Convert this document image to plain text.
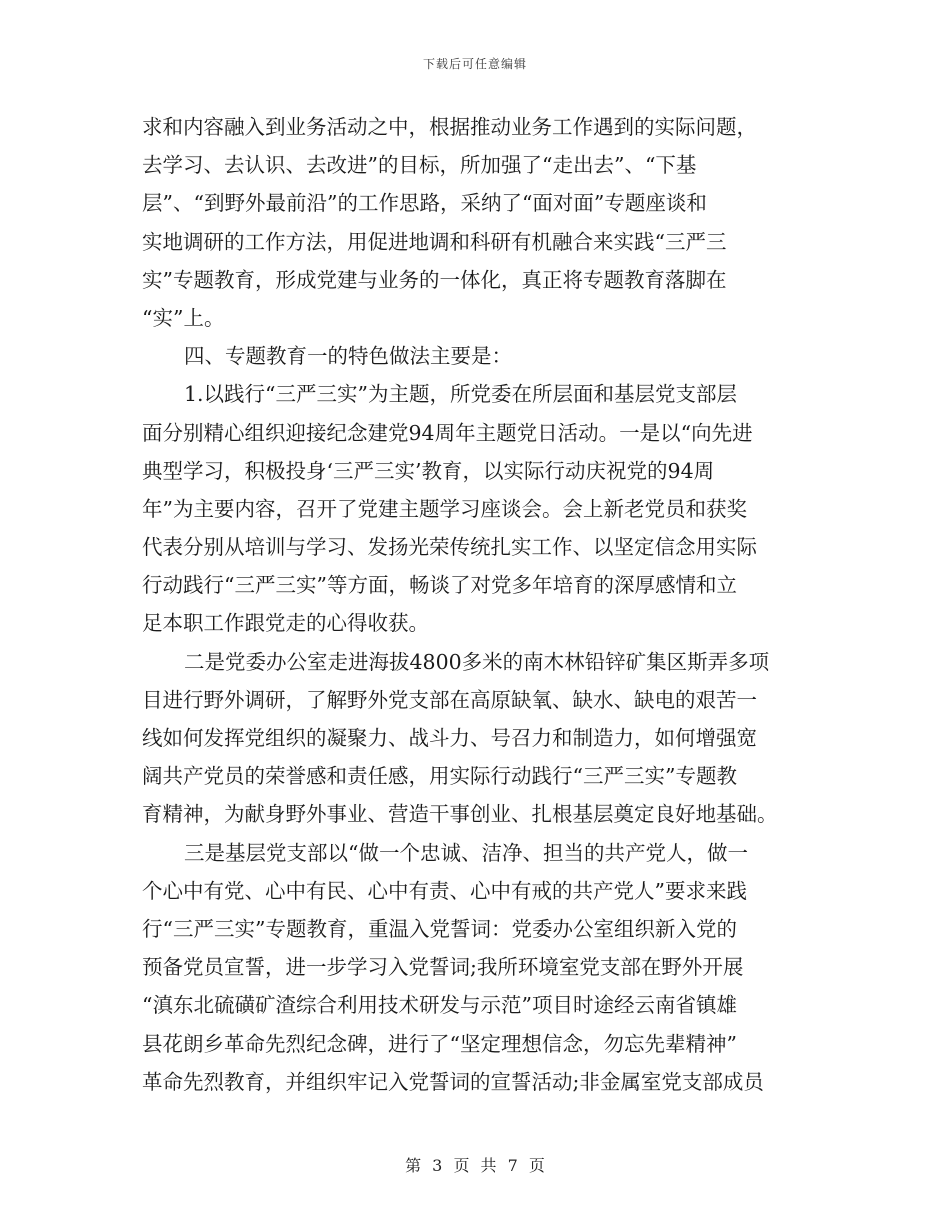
下载后可任意编辑
求和内容融入到业务活动之中，根据推动业务工作遇到的实际问题，
去学习、去认识、去改进”的目标，所加强了“走出去”、“下基
层”、“到野外最前沿”的工作思路，采纳了“面对面”专题座谈和
实地调研的工作方法，用促进地调和科研有机融合来实践“三严三
实”专题教育，形成党建与业务的一体化，真正将专题教育落脚在
“实”上。
四、专题教育一的特色做法主要是：
1.以践行“三严三实”为主题，所党委在所层面和基层党支部层
面分别精心组织迎接纪念建党94周年主题党日活动。一是以“向先进
典型学习，积极投身‘三严三实’教育，以实际行动庆祝党的94周
年”为主要内容，召开了党建主题学习座谈会。会上新老党员和获奖
代表分别从培训与学习、发扬光荣传统扎实工作、以坚定信念用实际
行动践行“三严三实”等方面，畅谈了对党多年培育的深厚感情和立
足本职工作跟党走的心得收获。
二是党委办公室走进海拔4800多米的南木林铅锌矿集区斯弄多项
目进行野外调研，了解野外党支部在高原缺氧、缺水、缺电的艰苦一
线如何发挥党组织的凝聚力、战斗力、号召力和制造力，如何增强宽
阔共产党员的荣誉感和责任感，用实际行动践行“三严三实”专题教
育精神，为献身野外事业、营造干事创业、扎根基层奠定良好地基础。
三是基层党支部以“做一个忠诚、洁净、担当的共产党人，做一
个心中有党、心中有民、心中有责、心中有戒的共产党人”要求来践
行“三严三实”专题教育，重温入党誓词：党委办公室组织新入党的
预备党员宣誓，进一步学习入党誓词;我所环境室党支部在野外开展
“滇东北硫磺矿渣综合利用技术研发与示范”项目时途经云南省镇雄
县花朗乡革命先烈纪念碑，进行了“坚定理想信念，勿忘先辈精神”
革命先烈教育，并组织牢记入党誓词的宣誓活动;非金属室党支部成员
第 3 页 共 7 页
